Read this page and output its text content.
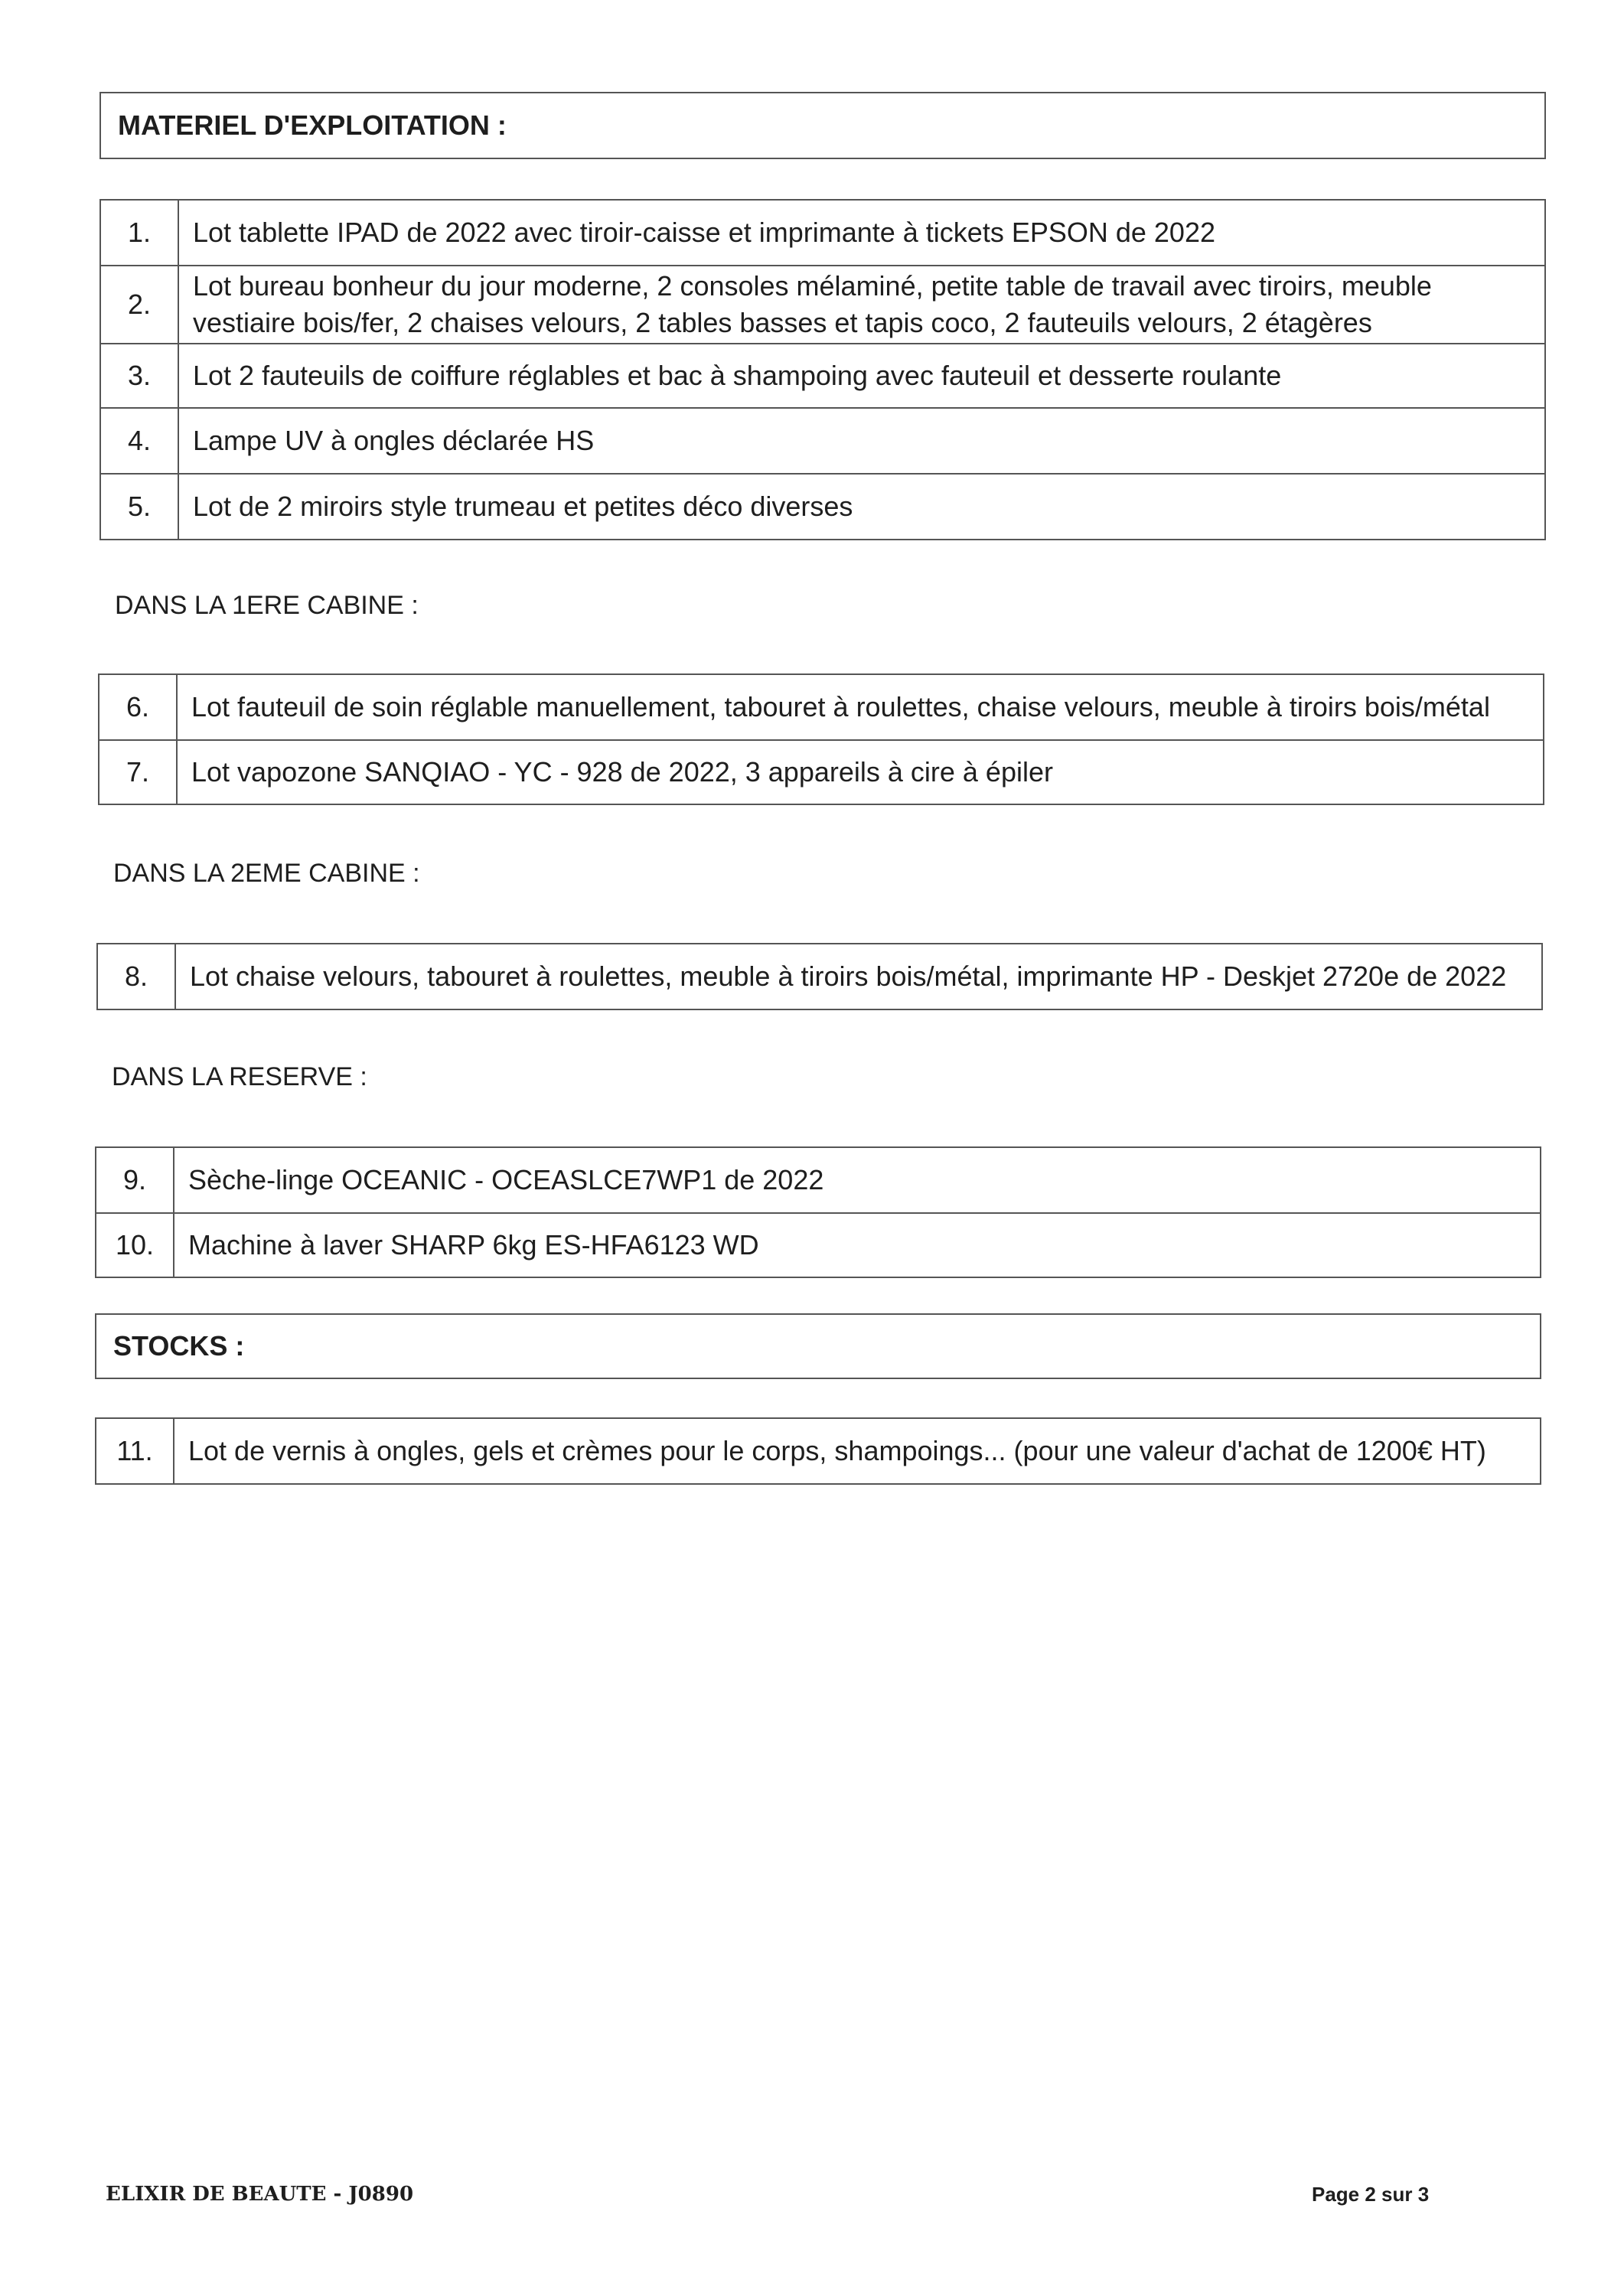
MATERIEL D'EXPLOITATION :
1.	Lot tablette IPAD de 2022 avec tiroir-caisse et imprimante à tickets EPSON de 2022
2.	Lot bureau bonheur du jour moderne, 2 consoles mélaminé, petite table de travail avec tiroirs, meuble vestiaire bois/fer, 2 chaises velours, 2 tables basses et tapis coco, 2 fauteuils velours, 2 étagères
3.	Lot 2 fauteuils de coiffure réglables et bac à shampoing avec fauteuil et desserte roulante
4.	Lampe UV à ongles déclarée HS
5.	Lot de 2 miroirs style trumeau et petites déco diverses
DANS LA 1ERE CABINE :
6.	Lot fauteuil de soin réglable manuellement, tabouret à roulettes, chaise velours, meuble à tiroirs bois/métal
7.	Lot vapozone SANQIAO - YC - 928 de 2022, 3 appareils à cire à épiler
DANS LA 2EME CABINE :
8.	Lot chaise velours, tabouret à roulettes, meuble à tiroirs bois/métal, imprimante HP - Deskjet 2720e de 2022
DANS LA RESERVE :
9.	Sèche-linge OCEANIC - OCEASLCE7WP1 de 2022
10.	Machine à laver SHARP 6kg ES-HFA6123 WD
STOCKS :
11.	Lot de vernis à ongles, gels et crèmes pour le corps, shampoings... (pour une valeur d'achat de 1200€ HT)
ELIXIR DE BEAUTE - J0890	Page 2 sur 3
